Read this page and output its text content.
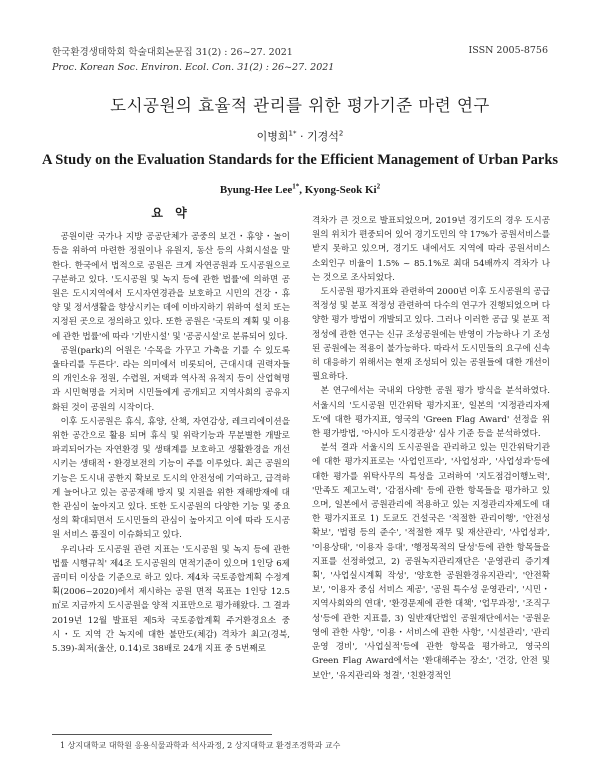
한국환경생태학회 학술대회논문집 31(2) : 26~27. 2021
Proc. Korean Soc. Environ. Ecol. Con. 31(2) : 26~27. 2021
ISSN 2005-8756
도시공원의 효율적 관리를 위한 평가기준 마련 연구
이병희$^{1*}$ · 기경석$^2$
A Study on the Evaluation Standards for the Efficient Management of Urban Parks
Byung-Hee Lee$^{1*}$, Kyong-Seok Ki$^2$
요 약

공원이란 국가나 지방 공공단체가 공중의 보건・휴양・놀이 등을 위하여 마련한 정원이나 유원지, 동산 등의 사회시설을 말한다. 한국에서 법적으로 공원은 크게 자연공원과 도시공원으로 구분하고 있다. '도시공원 및 녹지 등에 관한 법률'에 의하면 공원은 도시지역에서 도시자연경관을 보호하고 시민의 건강・휴양 및 정서생활을 향상시키는 데에 이바지하기 위하여 설치 또는 지정된 곳으로 정의하고 있다. 또한 공원은 '국토의 계획 및 이용에 관한 법률'에 따라 '기반시설' 및 '공공시설'로 분류되어 있다.

공원(park)의 어원은 '수목을 가꾸고 가축을 기를 수 있도록 울타리를 두른다'. 라는 의미에서 비롯되어, 근대시대 권력자들의 개인소유 정원, 수렵원, 저택과 역사적 유적지 등이 산업혁명과 시민혁명을 거치며 시민들에게 공개되고 지역사회의 공유지화된 것이 공원의 시작이다.

이후 도시공원은 휴식, 휴양, 산책, 자연감상, 레크리에이션을 위한 공간으로 활용 되며 휴식 및 위락기능과 무분별한 개발로 파괴되어가는 자연환경 및 생태계를 보호하고 생활환경을 개선시키는 생태적・환경보전의 기능이 주를 이루었다. 최근 공원의 기능은 도시내 공한지 확보로 도시의 안전성에 기여하고, 급격하게 늘어나고 있는 공공재해 방지 및 지원을 위한 재해방재에 대한 관심이 높아지고 있다. 또한 도시공원의 다양한 기능 및 중요성의 확대되면서 도시민들의 관심이 높아지고 이에 따라 도시공원 서비스 품질이 이슈화되고 있다.

우리나라 도시공원 관련 지표는 '도시공원 및 녹지 등에 관한 법률 시행규칙' 제4조 도시공원의 면적기준이 있으며 1인당 6제곱미터 이상을 기준으로 하고 있다. 제4차 국토종합계획 수정계획(2006~2020)에서 제시하는 공원 면적 목표는 1인당 12.5㎡로 지금까지 도시공원을 양적 지표만으로 평가해왔다. 그 결과 2019년 12월 발표된 제5차 국토종합계획 주거환경요소 중 시・도 지역 간 녹지에 대한 불만도(체감) 격차가 최고(경북, 5.39)-최저(울산, 0.14)로 38배로 24개 지표 중 5번째로

격차가 큰 것으로 발표되었으며, 2019년 경기도의 경우 도시공원의 위치가 편중되어 있어 경기도민의 약 17%가 공원서비스를 받지 못하고 있으며, 경기도 내에서도 지역에 따라 공원서비스 소외인구 비율이 1.5% ~ 85.1%로 최대 54배까지 격차가 나는 것으로 조사되었다.

도시공원 평가지표와 관련하여 2000년 이후 도시공원의 공급 적정성 및 분포 적정성 관련하여 다수의 연구가 진행되었으며 다양한 평가 방법이 개발되고 있다. 그러나 이러한 공급 및 분포 적정성에 관한 연구는 신규 조성공원에는 반영이 가능하나 기 조성된 공원에는 적용이 불가능하다. 따라서 도시민들의 요구에 신속히 대응하기 위해서는 현재 조성되어 있는 공원들에 대한 개선이 필요하다.

본 연구에서는 국내외 다양한 공원 평가 방식을 분석하였다. 서울시의 '도시공원 민간위탁 평가지표', 일본의 '지정관리자제도'에 대한 평가지표, 영국의 'Green Flag Award' 선정을 위한 평가방법, '아시아 도시경관상' 심사 기준 등을 분석하였다.

분석 결과 서울시의 도시공원을 관리하고 있는 민간위탁기관에 대한 평가지표로는 '사업인프라', '사업성과', '사업성과'등에 대한 평가를 위탁사무의 특성을 고려하여 '지도점검이행노력', '만족도 제고노력', '감점사례' 등에 관한 항목들을 평가하고 있으며, 일본에서 공원관리에 적용하고 있는 지정관리자제도에 대한 평가지표로 1) 도쿄도 건설국은 '적절한 관리이행', '안전성 확보', '법령 등의 준수', '적절한 재무 및 재산관리', '사업성과', '이용상태', '이용자 응대', '행정목적의 달성'등에 관한 항목들을 지표를 선정하였고, 2) 공원녹지관리재단은 '운영관리 증기계획', '사업실시계획 작성', '양호한 공원환경유지관리', '안전확보', '이용자 중심 서비스 제공', '공원 특수성 운영관리', '시민・지역사회와의 연대', '환경문제에 관한 대책', '업무과정', '조직구성'등에 관한 지표를, 3) 일반재단법인 공원재단에서는 '공원운영에 관한 사항', '이용・서비스에 관한 사항', '시설관리', '관리운영 경비', '사업실적'등에 관한 항목을 평가하고, 영국의 Green Flag Award에서는 '환대해주는 장소', '건강, 안전 및 보안', '유지관리와 청결', '친환경적인

1 상지대학교 대학원 응용식물과학과 석사과정, 2 상지대학교 환경조경학과 교수
